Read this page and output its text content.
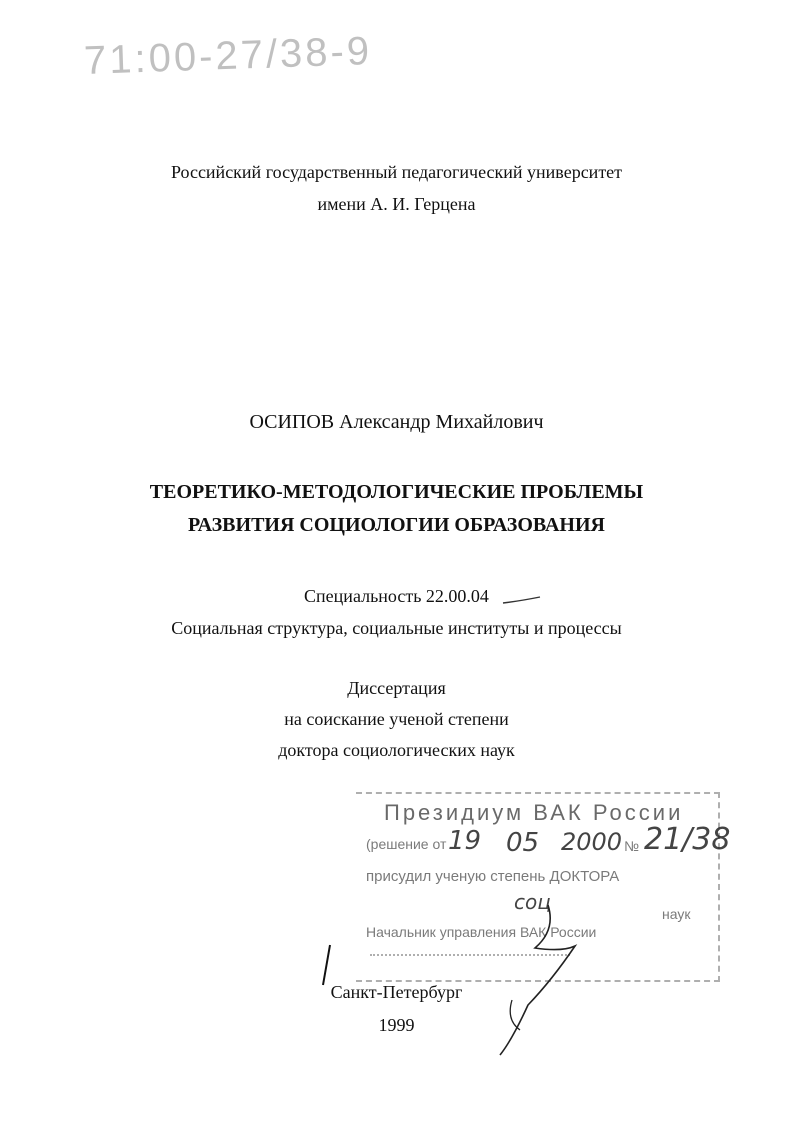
71:00-27/38-9
Российский государственный педагогический университет
имени А. И. Герцена
ОСИПОВ Александр Михайлович
ТЕОРЕТИКО-МЕТОДОЛОГИЧЕСКИЕ ПРОБЛЕМЫ
РАЗВИТИЯ СОЦИОЛОГИИ ОБРАЗОВАНИЯ
Специальность 22.00.04
Социальная структура, социальные институты и процессы
Диссертация
на соискание ученой степени
доктора социологических наук
Президиум ВАК России
(решение от 19 05 2000 № 21/38
присудил ученую степень ДОКТОРА
соц	наук
Начальник управления ВАК России
Санкт-Петербург
1999
